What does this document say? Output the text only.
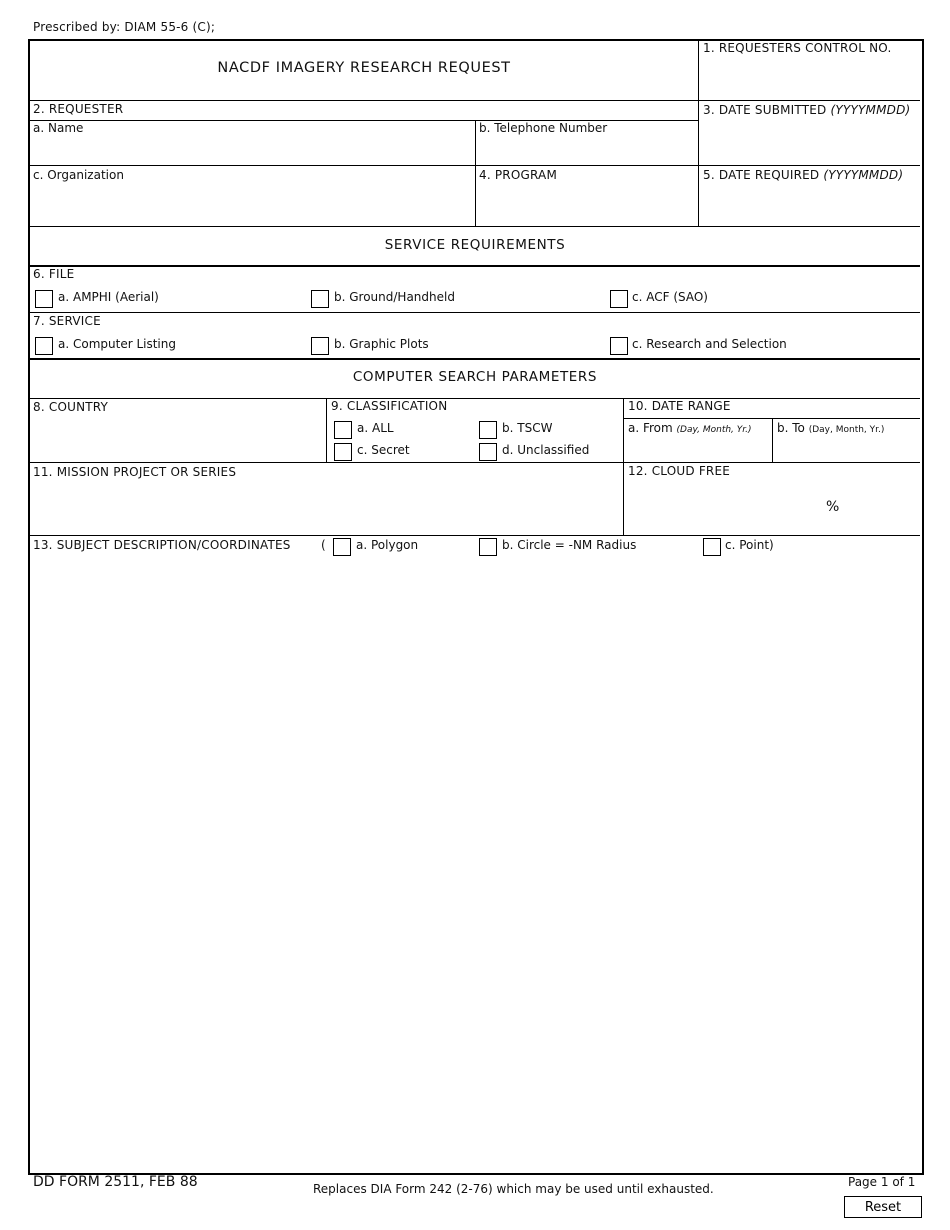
Prescribed by: DIAM 55-6 (C);
NACDF IMAGERY RESEARCH REQUEST
1. REQUESTERS CONTROL NO.
2. REQUESTER	3. DATE SUBMITTED (YYYYMMDD)
a. Name	b. Telephone Number
c. Organization	4. PROGRAM	5. DATE REQUIRED (YYYYMMDD)
SERVICE REQUIREMENTS
6. FILE
a. AMPHI (Aerial)	b. Ground/Handheld	c. ACF (SAO)
7. SERVICE
a. Computer Listing	b. Graphic Plots	c. Research and Selection
COMPUTER SEARCH PARAMETERS
8. COUNTRY	9. CLASSIFICATION
a. ALL	b. TSCW
c. Secret	d. Unclassified
10. DATE RANGE
a. From (Day, Month, Yr.) b. To (Day, Month, Yr.)
11. MISSION PROJECT OR SERIES	12. CLOUD FREE
%
13. SUBJECT DESCRIPTION/COORDINATES	(	a. Polygon	b. Circle = -NM Radius	c. Point)
DD FORM 2511, FEB 88	Replaces DIA Form 242 (2-76) which may be used until exhausted.	Page 1 of 1
Reset
